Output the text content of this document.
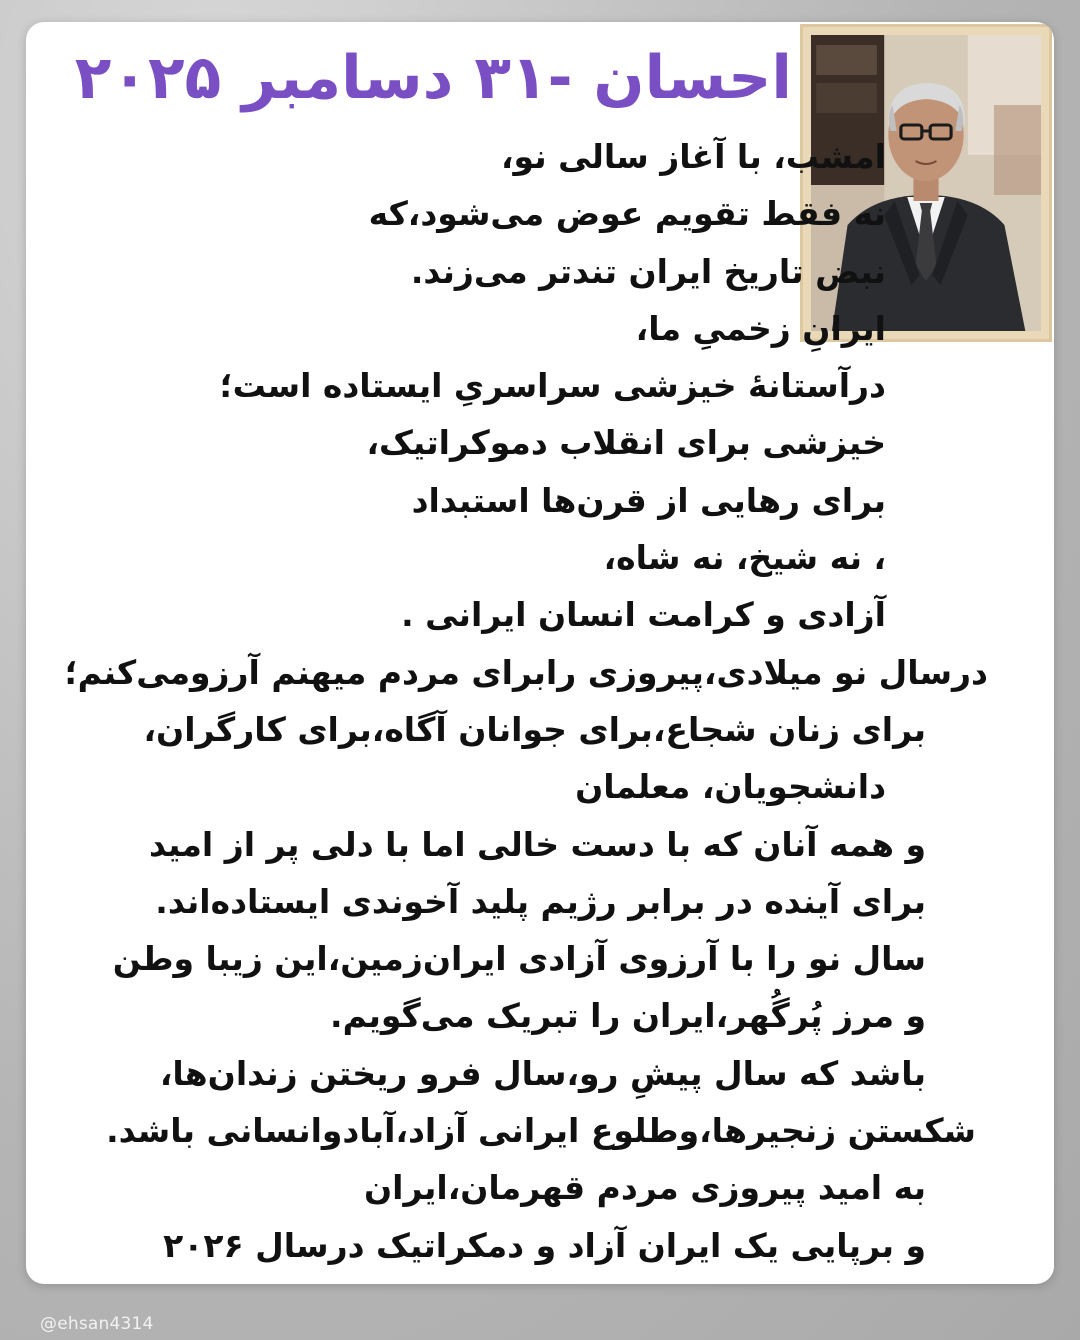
احسان -۳۱ دسامبر ۲۰۲۵
امشب، با آغاز سالی نو،
نه فقط تقویم عوض می‌شود،که
نبض تاریخ ایران تندتر می‌زند.
ایرانِ زخمیِ ما،
درآستانهٔ خیزشی سراسریِ ایستاده است؛
خیزشی برای انقلاب دموکراتیک،
برای رهایی از قرن‌ها استبداد
، نه شیخ، نه شاه،
آزادی و کرامت انسان ایرانی .
درسال نو میلادی،پیروزی رابرای مردم میهنم آرزومی‌کنم؛
برای زنان شجاع،برای جوانان آگاه،برای کارگران،
دانشجویان، معلمان
و همه آنان که با دست خالی اما با دلی پر از امید
برای آینده در برابر رژیم پلید آخوندی ایستاده‌اند.
سال نو را با آرزوی آزادی ایران‌زمین،این زیبا وطن
و مرز پُرگُهر،ایران را تبریک می‌گویم.
باشد که سال پیشِ رو،سال فرو ریختن زندان‌ها،
شکستن زنجیرها،وطلوع ایرانی آزاد،آبادوانسانی باشد.
به امید پیروزی مردم قهرمان،ایران
و برپایی یک ایران آزاد و دمکراتیک درسال ۲۰۲۶
@ehsan4314
